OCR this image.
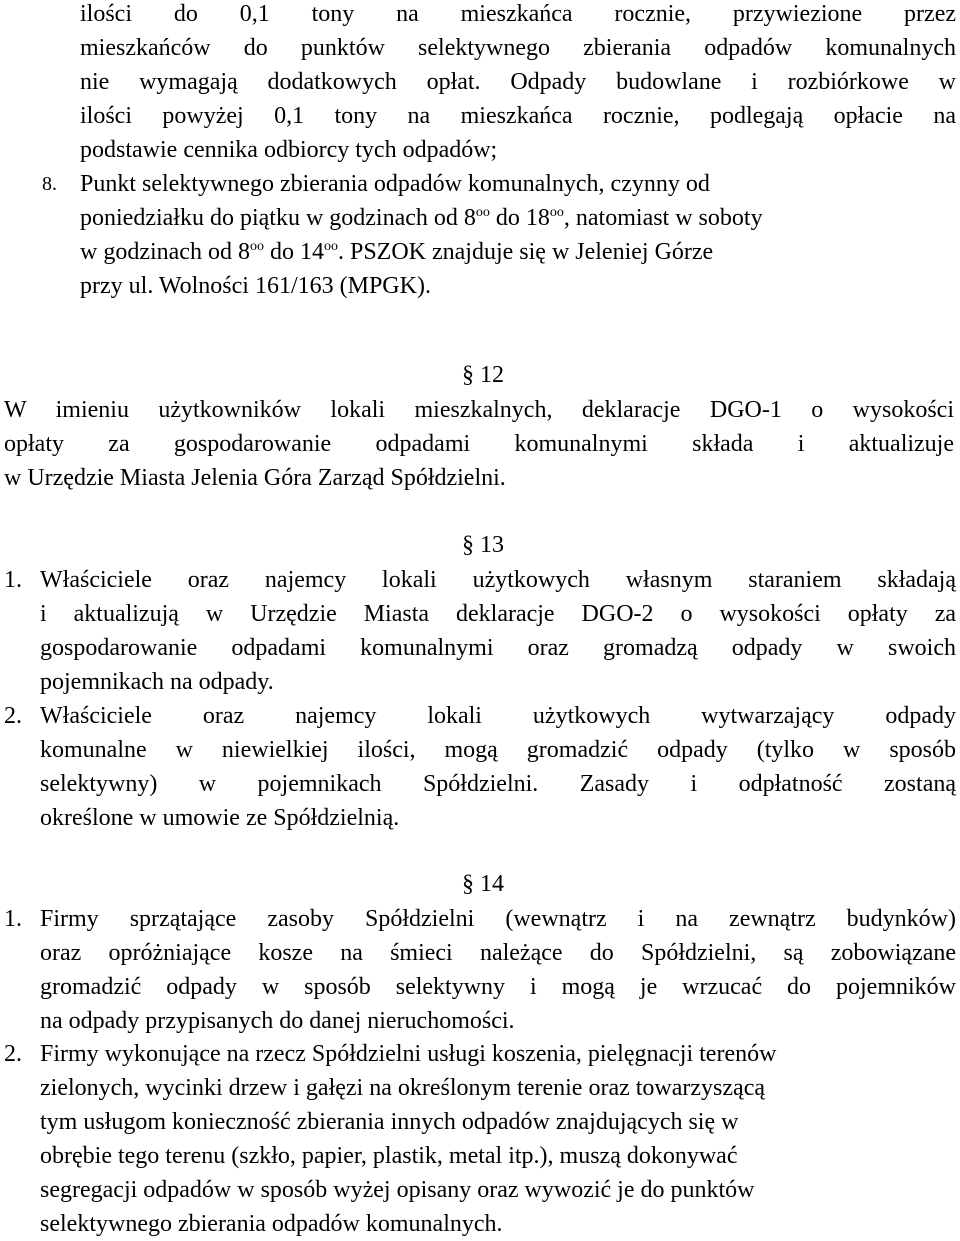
ilości do 0,1 tony na mieszkańca rocznie, przywiezione przez
mieszkańców do punktów selektywnego zbierania odpadów komunalnych
nie wymagają dodatkowych opłat. Odpady budowlane i rozbiórkowe w
ilości powyżej 0,1 tony na mieszkańca rocznie, podlegają opłacie na
podstawie cennika odbiorcy tych odpadów;
8. Punkt selektywnego zbierania odpadów komunalnych, czynny od
poniedziałku do piątku w godzinach od $8^{oo}$ do $18^{oo}$, natomiast w soboty
w godzinach od $8^{oo}$ do $14^{oo}$. PSZOK znajduje się w Jeleniej Górze
przy ul. Wolności 161/163 (MPGK).
§ 12
W imieniu użytkowników lokali mieszkalnych, deklaracje DGO-1 o wysokości
opłaty za gospodarowanie odpadami komunalnymi składa i aktualizuje
w Urzędzie Miasta Jelenia Góra Zarząd Spółdzielni.
§ 13
1. Właściciele oraz najemcy lokali użytkowych własnym staraniem składają
i aktualizują w Urzędzie Miasta deklaracje DGO-2 o wysokości opłaty za
gospodarowanie odpadami komunalnymi oraz gromadzą odpady w swoich
pojemnikach na odpady.
2. Właściciele oraz najemcy lokali użytkowych wytwarzający odpady
komunalne w niewielkiej ilości, mogą gromadzić odpady (tylko w sposób
selektywny) w pojemnikach Spółdzielni. Zasady i odpłatność zostaną
określone w umowie ze Spółdzielnią.
§ 14
1. Firmy sprzątające zasoby Spółdzielni (wewnątrz i na zewnątrz budynków)
oraz opróżniające kosze na śmieci należące do Spółdzielni, są zobowiązane
gromadzić odpady w sposób selektywny i mogą je wrzucać do pojemników
na odpady przypisanych do danej nieruchomości.
2. Firmy wykonujące na rzecz Spółdzielni usługi koszenia, pielęgnacji terenów
zielonych, wycinki drzew i gałęzi na określonym terenie oraz towarzyszącą
tym usługom konieczność zbierania innych odpadów znajdujących się w
obrębie tego terenu (szkło, papier, plastik, metal itp.), muszą dokonywać
segregacji odpadów w sposób wyżej opisany oraz wywozić je do punktów
selektywnego zbierania odpadów komunalnych.
